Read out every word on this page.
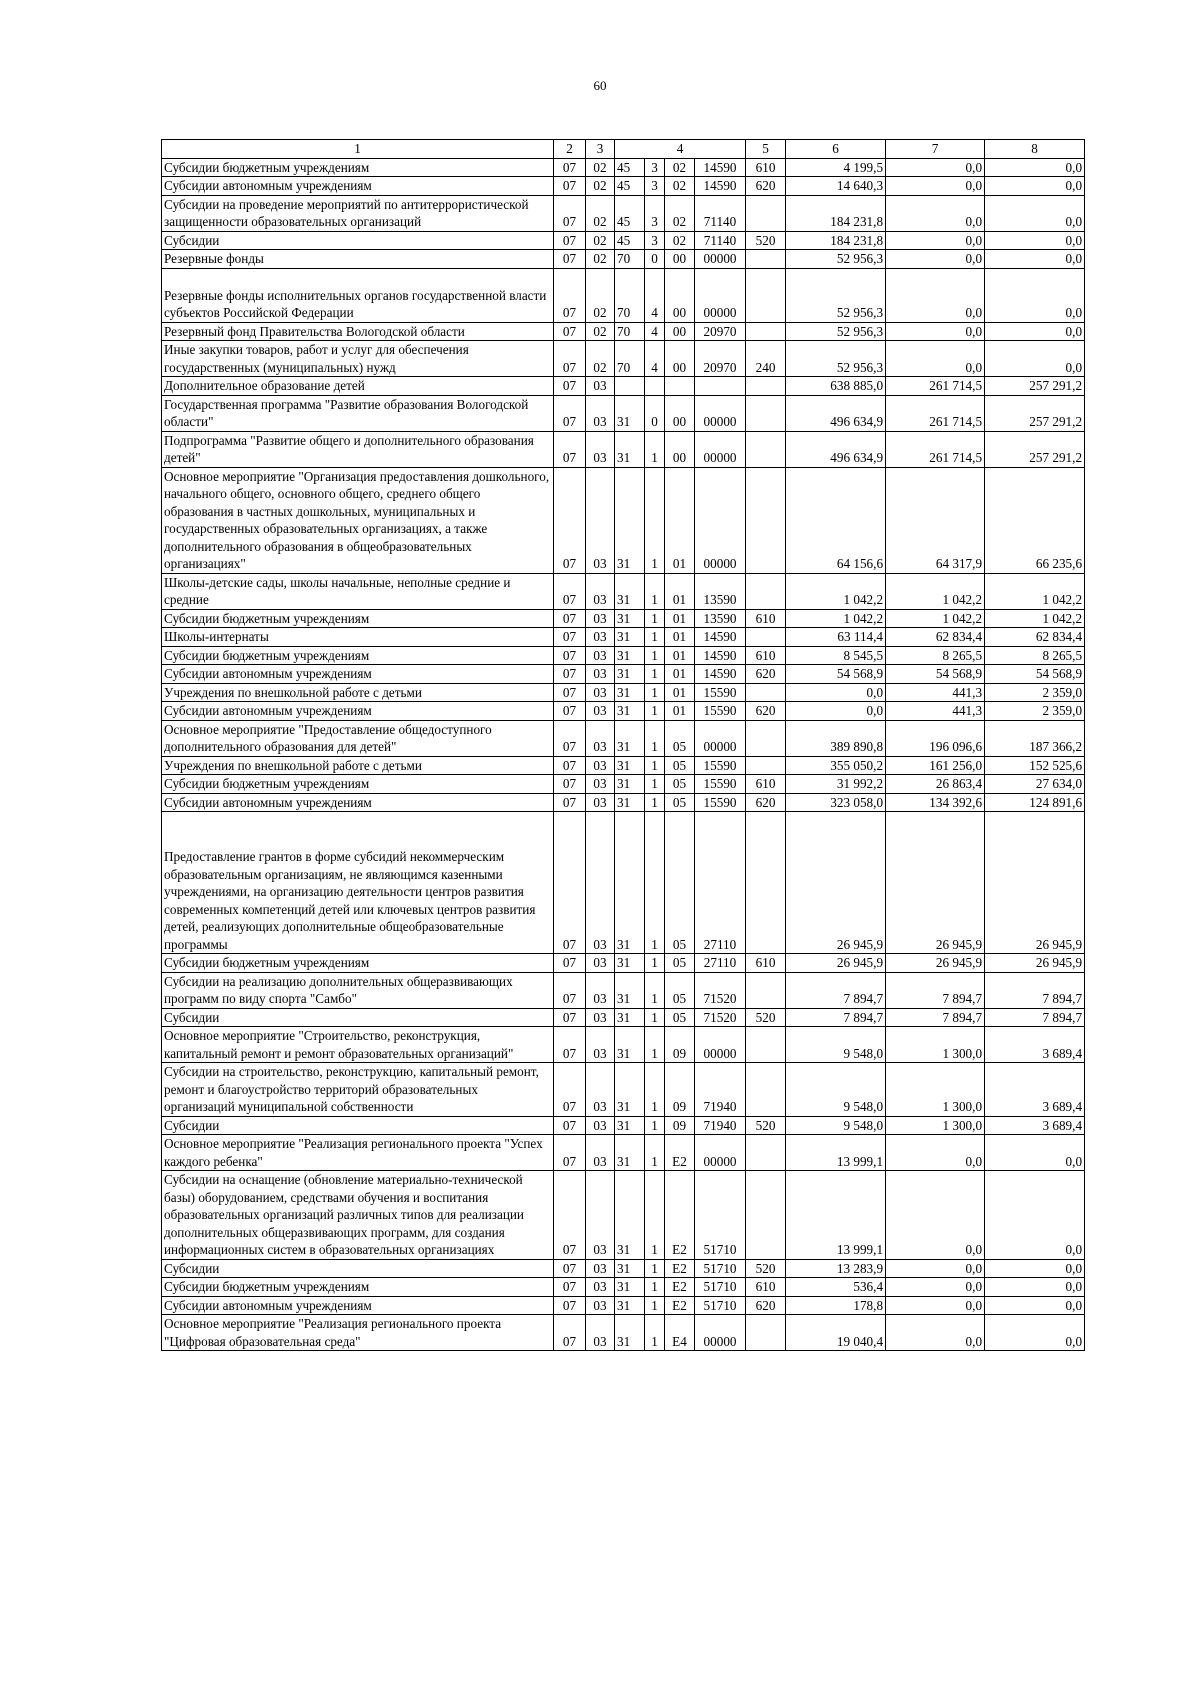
60
1	2	3	4				5	6	7	8
Субсидии бюджетным учреждениям	07	02	45	3	02	14590	610	4 199,5	0,0	0,0
Субсидии автономным учреждениям	07	02	45	3	02	14590	620	14 640,3	0,0	0,0
Субсидии на проведение мероприятий по антитеррористической защищенности образовательных организаций	07	02	45	3	02	71140		184 231,8	0,0	0,0
Субсидии	07	02	45	3	02	71140	520	184 231,8	0,0	0,0
Резервные фонды	07	02	70	0	00	00000		52 956,3	0,0	0,0
Резервные фонды исполнительных органов государственной власти субъектов Российской Федерации	07	02	70	4	00	00000		52 956,3	0,0	0,0
Резервный фонд Правительства Вологодской области	07	02	70	4	00	20970		52 956,3	0,0	0,0
Иные закупки товаров, работ и услуг для обеспечения государственных (муниципальных) нужд	07	02	70	4	00	20970	240	52 956,3	0,0	0,0
Дополнительное образование детей	07	03						638 885,0	261 714,5	257 291,2
Государственная программа "Развитие образования Вологодской области"	07	03	31	0	00	00000		496 634,9	261 714,5	257 291,2
Подпрограмма "Развитие общего и дополнительного образования детей"	07	03	31	1	00	00000		496 634,9	261 714,5	257 291,2
Основное мероприятие "Организация предоставления дошкольного, начального общего, основного общего, среднего общего образования в частных дошкольных, муниципальных и государственных образовательных организациях, а также дополнительного образования в общеобразовательных организациях"	07	03	31	1	01	00000		64 156,6	64 317,9	66 235,6
Школы-детские сады, школы начальные, неполные средние и средние	07	03	31	1	01	13590		1 042,2	1 042,2	1 042,2
Субсидии бюджетным учреждениям	07	03	31	1	01	13590	610	1 042,2	1 042,2	1 042,2
Школы-интернаты	07	03	31	1	01	14590		63 114,4	62 834,4	62 834,4
Субсидии бюджетным учреждениям	07	03	31	1	01	14590	610	8 545,5	8 265,5	8 265,5
Субсидии автономным учреждениям	07	03	31	1	01	14590	620	54 568,9	54 568,9	54 568,9
Учреждения по внешкольной работе с детьми	07	03	31	1	01	15590		0,0	441,3	2 359,0
Субсидии автономным учреждениям	07	03	31	1	01	15590	620	0,0	441,3	2 359,0
Основное мероприятие "Предоставление общедоступного дополнительного образования для детей"	07	03	31	1	05	00000		389 890,8	196 096,6	187 366,2
Учреждения по внешкольной работе с детьми	07	03	31	1	05	15590		355 050,2	161 256,0	152 525,6
Субсидии бюджетным учреждениям	07	03	31	1	05	15590	610	31 992,2	26 863,4	27 634,0
Субсидии автономным учреждениям	07	03	31	1	05	15590	620	323 058,0	134 392,6	124 891,6
Предоставление грантов в форме субсидий некоммерческим образовательным организациям, не являющимся казенными учреждениями, на организацию деятельности центров развития современных компетенций детей или ключевых центров развития детей, реализующих дополнительные общеобразовательные программы	07	03	31	1	05	27110		26 945,9	26 945,9	26 945,9
Субсидии бюджетным учреждениям	07	03	31	1	05	27110	610	26 945,9	26 945,9	26 945,9
Субсидии на реализацию дополнительных общеразвивающих программ по виду спорта "Самбо"	07	03	31	1	05	71520		7 894,7	7 894,7	7 894,7
Субсидии	07	03	31	1	05	71520	520	7 894,7	7 894,7	7 894,7
Основное мероприятие "Строительство, реконструкция, капитальный ремонт и ремонт образовательных организаций"	07	03	31	1	09	00000		9 548,0	1 300,0	3 689,4
Субсидии на строительство, реконструкцию, капитальный ремонт, ремонт и благоустройство территорий образовательных организаций муниципальной собственности	07	03	31	1	09	71940		9 548,0	1 300,0	3 689,4
Субсидии	07	03	31	1	09	71940	520	9 548,0	1 300,0	3 689,4
Основное мероприятие "Реализация регионального проекта "Успех каждого ребенка"	07	03	31	1	E2	00000		13 999,1	0,0	0,0
Субсидии на оснащение (обновление материально-технической базы) оборудованием, средствами обучения и воспитания образовательных организаций различных типов для реализации дополнительных общеразвивающих программ, для создания информационных систем в образовательных организациях	07	03	31	1	E2	51710		13 999,1	0,0	0,0
Субсидии	07	03	31	1	E2	51710	520	13 283,9	0,0	0,0
Субсидии бюджетным учреждениям	07	03	31	1	E2	51710	610	536,4	0,0	0,0
Субсидии автономным учреждениям	07	03	31	1	E2	51710	620	178,8	0,0	0,0
Основное мероприятие "Реализация регионального проекта "Цифровая образовательная среда"	07	03	31	1	E4	00000		19 040,4	0,0	0,0
